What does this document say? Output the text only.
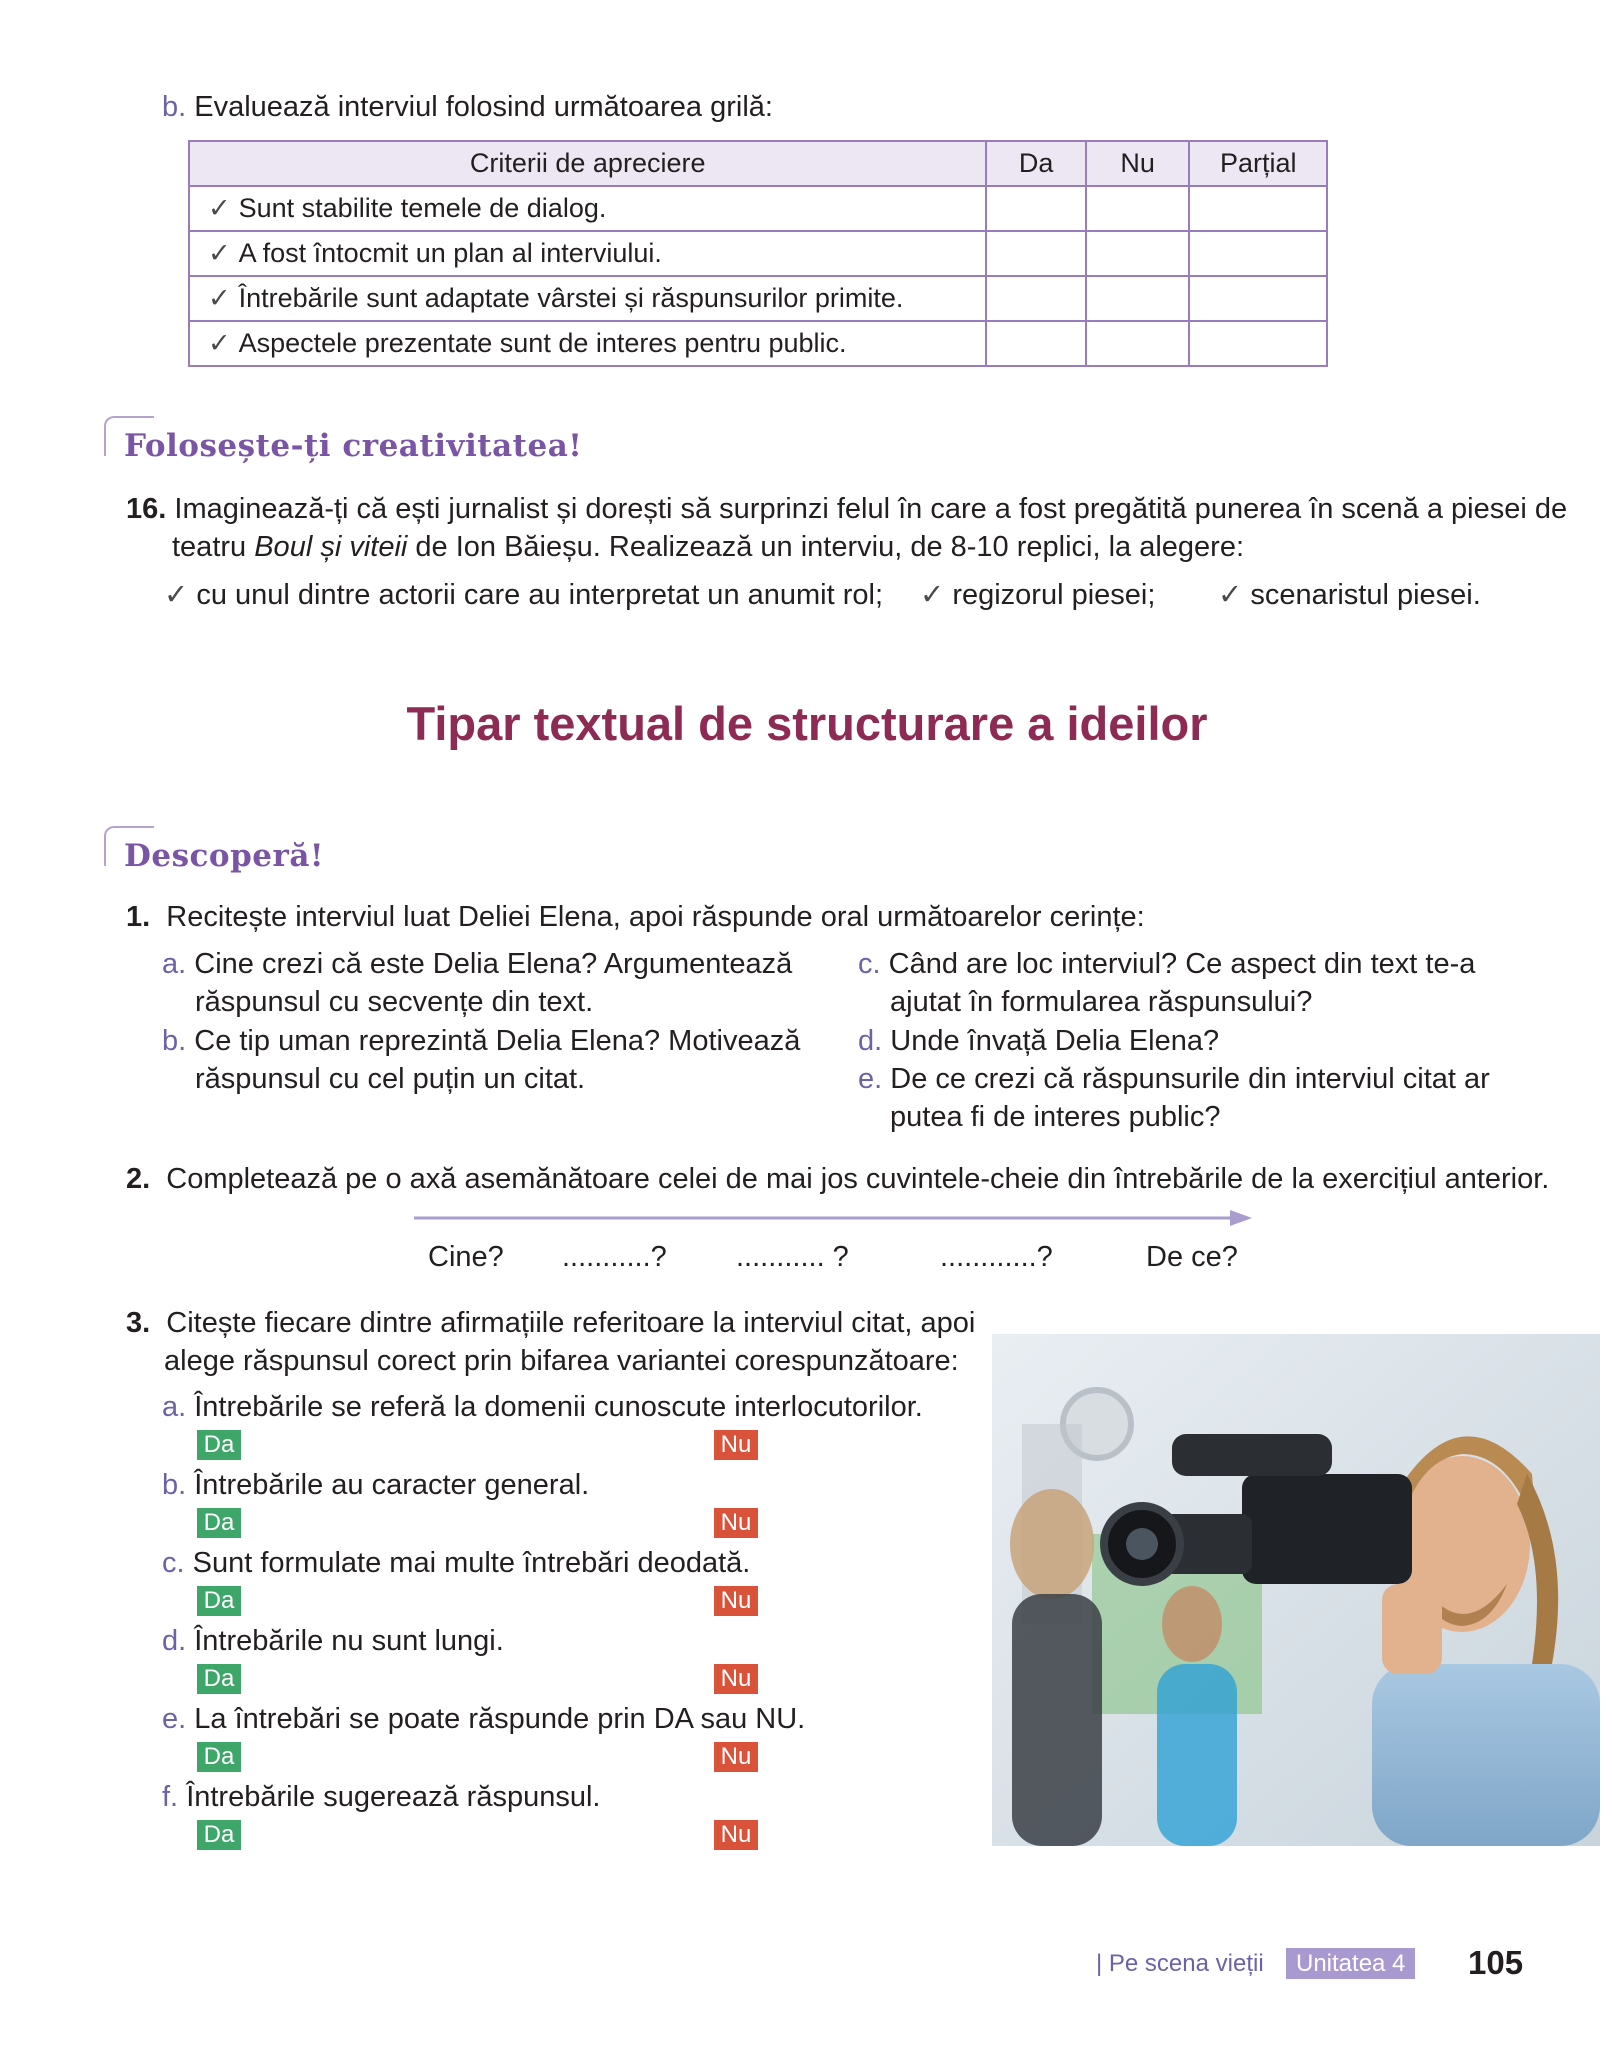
b. Evaluează interviul folosind următoarea grilă:
Criterii de apreciere	Da	Nu	Parțial
✓ Sunt stabilite temele de dialog.			
✓ A fost întocmit un plan al interviului.			
✓ Întrebările sunt adaptate vârstei și răspunsurilor primite.			
✓ Aspectele prezentate sunt de interes pentru public.			
Folosește-ți creativitatea!
16. Imaginează-ți că ești jurnalist și dorești să surprinzi felul în care a fost pregătită punerea în scenă a piesei de
teatru Boul și viteii de Ion Băieșu. Realizează un interviu, de 8-10 replici, la alegere:
✓ cu unul dintre actorii care au interpretat un anumit rol; ✓ regizorul piesei; ✓ scenaristul piesei.
Tipar textual de structurare a ideilor
Descoperă!
1. Recitește interviul luat Deliei Elena, apoi răspunde oral următoarelor cerințe:
a. Cine crezi că este Delia Elena? Argumentează
răspunsul cu secvențe din text.
b. Ce tip uman reprezintă Delia Elena? Motivează
răspunsul cu cel puțin un citat.
c. Când are loc interviul? Ce aspect din text te-a
ajutat în formularea răspunsului?
d. Unde învață Delia Elena?
e. De ce crezi că răspunsurile din interviul citat ar
putea fi de interes public?
2. Completează pe o axă asemănătoare celei de mai jos cuvintele-cheie din întrebările de la exercițiul anterior.
Cine? ...........? ........... ?	............?	De ce?
3. Citește fiecare dintre afirmațiile referitoare la interviul citat, apoi
alege răspunsul corect prin bifarea variantei corespunzătoare:
a. Întrebările se referă la domenii cunoscute interlocutorilor.
Da	Nu
b. Întrebările au caracter general.
Da	Nu
c. Sunt formulate mai multe întrebări deodată.
Da	Nu
d. Întrebările nu sunt lungi.
Da	Nu
e. La întrebări se poate răspunde prin DA sau NU.
Da	Nu
f. Întrebările sugerează răspunsul.
Da	Nu
| Pe scena vieții	Unitatea 4	105
